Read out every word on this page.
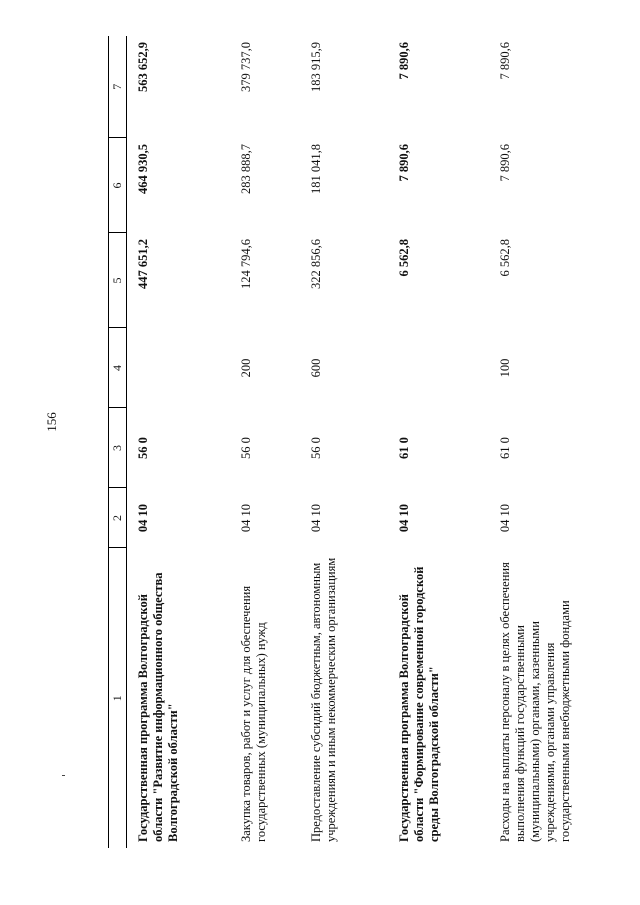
156
1	2	3	4	5	6	7
Государственная программа Волгоградской области "Развитие информационного общества Волгоградской области"	04 10	56 0		447 651,2	464 930,5	563 652,9
Закупка товаров, работ и услуг для обеспечения государственных (муниципальных) нужд	04 10	56 0	200	124 794,6	283 888,7	379 737,0
Предоставление субсидий бюджетным, автономным учреждениям и иным некоммерческим организациям	04 10	56 0	600	322 856,6	181 041,8	183 915,9
Государственная программа Волгоградской области "Формирование современной городской среды Волгоградской области"	04 10	61 0		6 562,8	7 890,6	7 890,6
Расходы на выплаты персоналу в целях обеспечения выполнения функций государственными (муниципальными) органами, казенными учреждениями, органами управления государственными внебюджетными фондами	04 10	61 0	100	6 562,8	7 890,6	7 890,6
